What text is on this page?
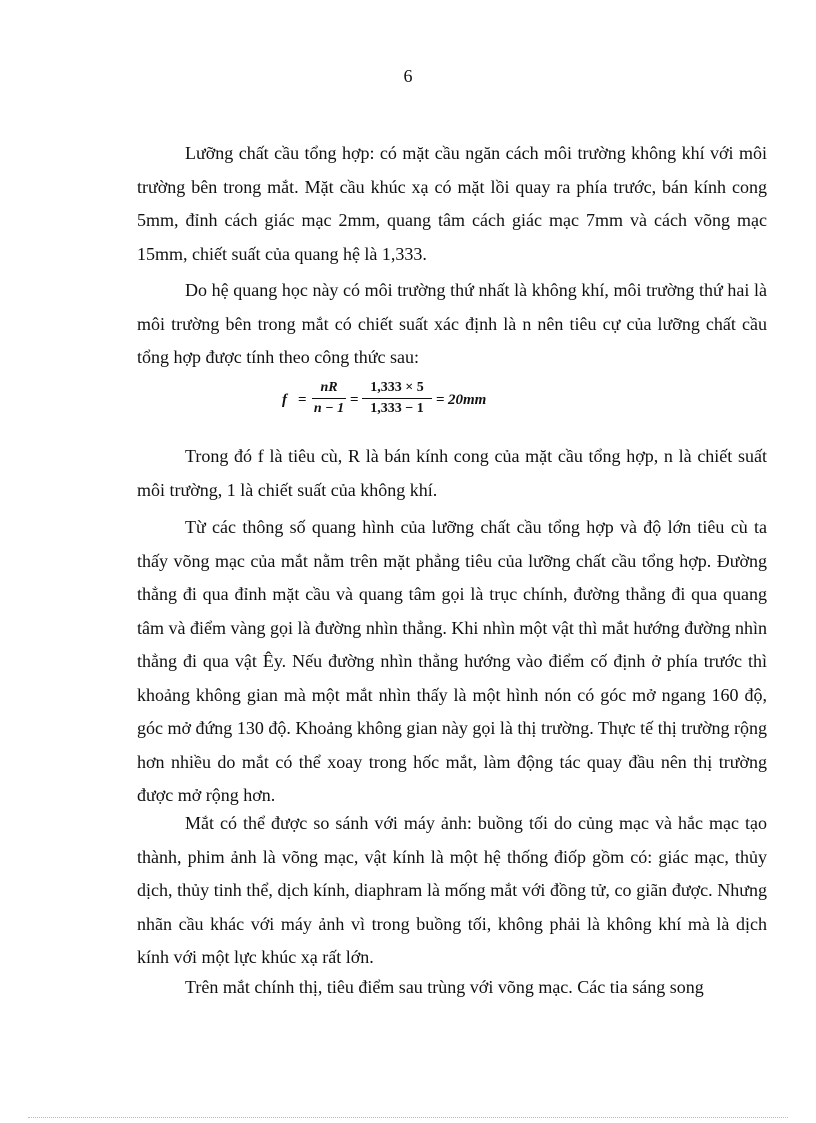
6

Lưỡng chất cầu tổng hợp: có mặt cầu ngăn cách môi trường không khí với môi trường bên trong mắt. Mặt cầu khúc xạ có mặt lồi quay ra phía trước, bán kính cong 5mm, đỉnh cách giác mạc 2mm, quang tâm cách giác mạc 7mm và cách võng mạc 15mm, chiết suất của quang hệ là 1,333.

Do hệ quang học này có môi trường thứ nhất là không khí, môi trường thứ hai là môi trường bên trong mắt có chiết suất xác định là n nên tiêu cự của lưỡng chất cầu tổng hợp được tính theo công thức sau:

f =
nR
n − 1
=
1,333 × 5
1,333 − 1
= 20mm

Trong đó f là tiêu cù, R là bán kính cong của mặt cầu tổng hợp, n là chiết suất môi trường, 1 là chiết suất của không khí.

Từ các thông số quang hình của lưỡng chất cầu tổng hợp và độ lớn tiêu cù ta thấy võng mạc của mắt nằm trên mặt phẳng tiêu của lưỡng chất cầu tổng hợp. Đường thẳng đi qua đỉnh mặt cầu và quang tâm gọi là trục chính, đường thẳng đi qua quang tâm và điểm vàng gọi là đường nhìn thẳng. Khi nhìn một vật thì mắt hướng đường nhìn thẳng đi qua vật Êy. Nếu đường nhìn thẳng hướng vào điểm cố định ở phía trước thì khoảng không gian mà một mắt nhìn thấy là một hình nón có góc mở ngang 160 độ, góc mở đứng 130 độ. Khoảng không gian này gọi là thị trường. Thực tế thị trường rộng hơn nhiều do mắt có thể xoay trong hốc mắt, làm động tác quay đầu nên thị trường được mở rộng hơn.

Mắt có thể được so sánh với máy ảnh: buồng tối do củng mạc và hắc mạc tạo thành, phim ảnh là võng mạc, vật kính là một hệ thống điốp gồm có: giác mạc, thủy dịch, thủy tinh thể, dịch kính, diaphram là mống mắt với đồng tử, co giãn được. Nhưng nhãn cầu khác với máy ảnh vì trong buồng tối, không phải là không khí mà là dịch kính với một lực khúc xạ rất lớn.

Trên mắt chính thị, tiêu điểm sau trùng với võng mạc. Các tia sáng song
